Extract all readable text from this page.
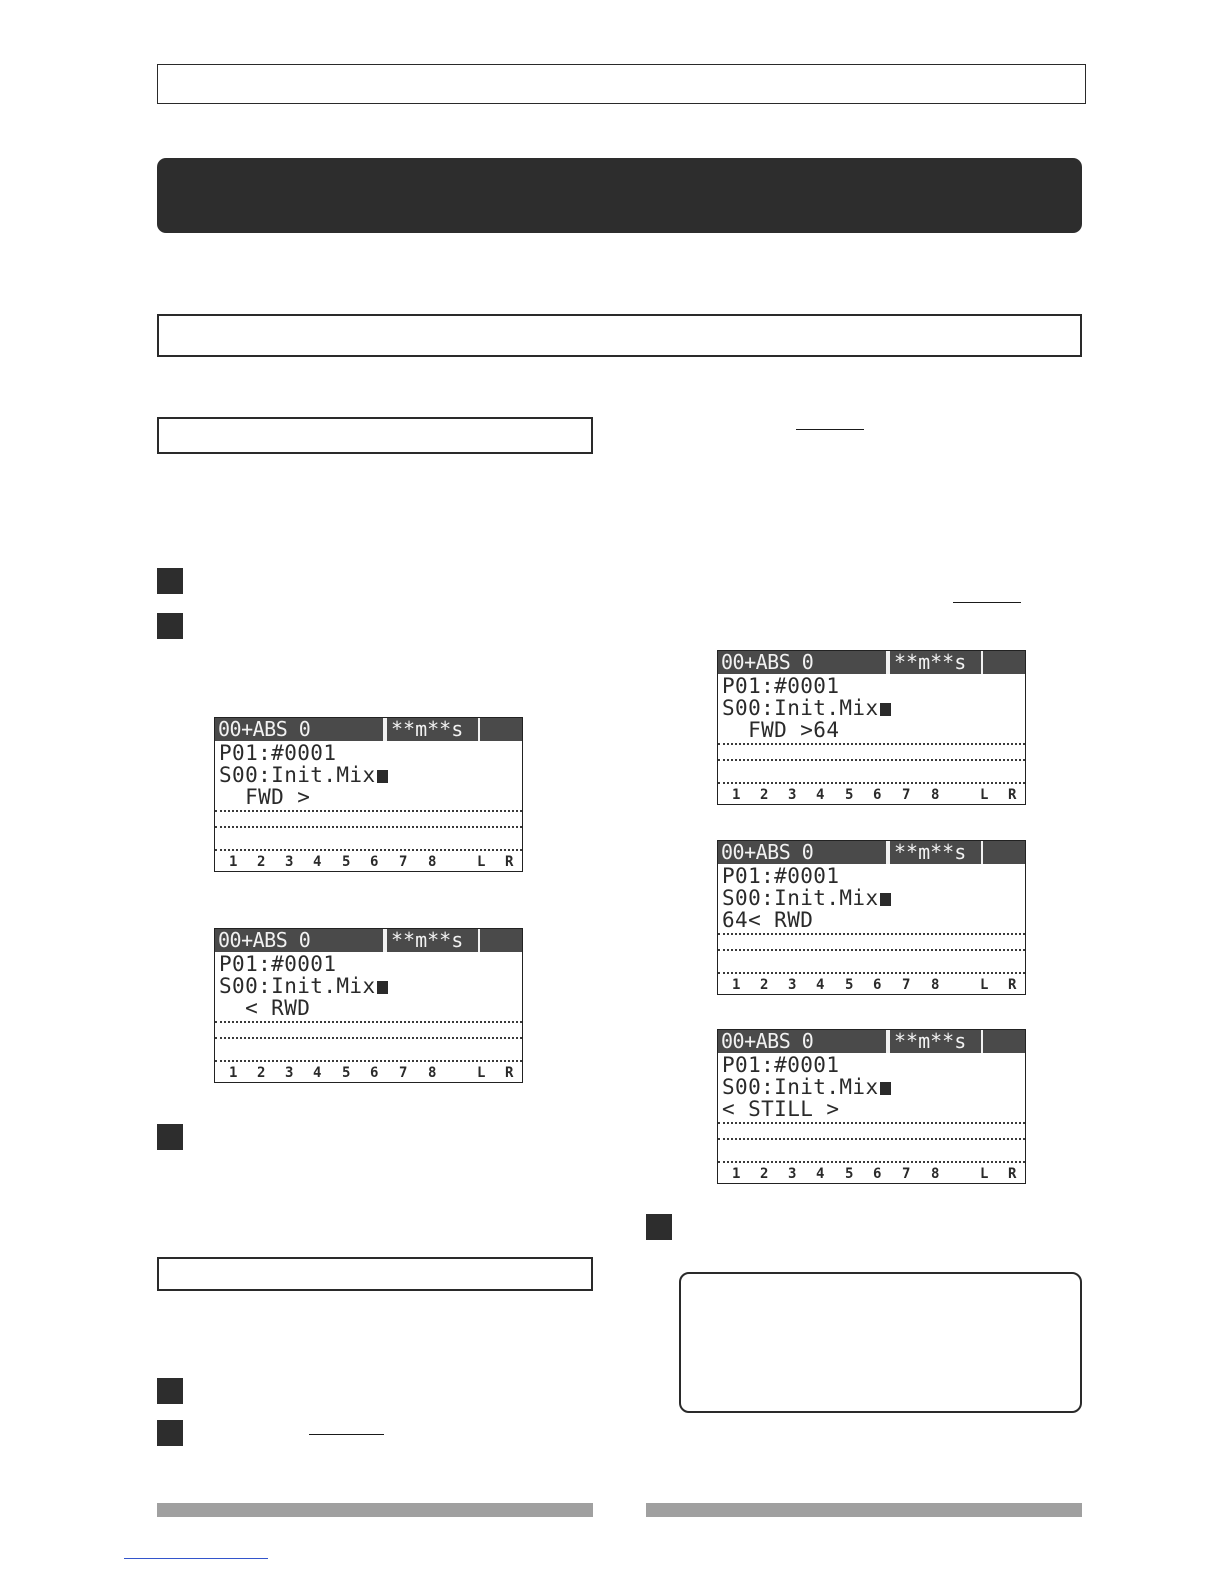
00+ABS 0	**m**s
P01:#0001
S00:Init.Mix
FWD >
1 2 3 4 5 6 7 8	L R
00+ABS 0	**m**s
P01:#0001
S00:Init.Mix
< RWD
1 2 3 4 5 6 7 8	L R
00+ABS 0	**m**s
P01:#0001
S00:Init.Mix
FWD >64
1 2 3 4 5 6 7 8	L R
00+ABS 0	**m**s
P01:#0001
S00:Init.Mix
64< RWD
1 2 3 4 5 6 7 8	L R
00+ABS 0	**m**s
P01:#0001
S00:Init.Mix
< STILL >
1 2 3 4 5 6 7 8	L R
